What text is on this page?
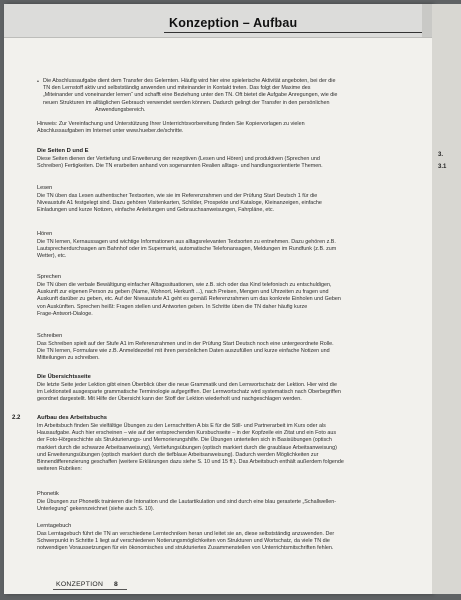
Konzeption – Aufbau
• Die Abschlussaufgabe dient dem Transfer des Gelernten. Häufig wird hier eine spielerische Aktivität angeboten, bei der die
TN den Lernstoff aktiv und selbstständig anwenden und miteinander in Kontakt treten. Das folgt der Maxime des
„Miteinander und voneinander lernen“ und schafft eine Beziehung unter den TN. Oft bietet die Aufgabe Anregungen, wie die
neuen Strukturen im alltäglichen Gebrauch verwendet werden können. Dadurch gelingt der Transfer in den persönlichen
Anwendungsbereich.
Hinweis: Zur Vereinfachung und Unterstützung Ihrer Unterrichtsvorbereitung finden Sie Kopiervorlagen zu vielen
Abschlussaufgaben im Internet unter www.hueber.de/schritte.
Die Seiten D und E
Diese Seiten dienen der Vertiefung und Erweiterung der rezeptiven (Lesen und Hören) und produktiven (Sprechen und
Schreiben) Fertigkeiten. Die TN erarbeiten anhand von sogenannten Realien alltags- und handlungsorientierte Themen.
Lesen
Die TN üben das Lesen authentischer Textsorten, wie sie im Referenzrahmen und der Prüfung Start Deutsch 1 für die
Niveaustufe A1 festgelegt sind. Dazu gehören Visitenkarten, Schilder, Prospekte und Kataloge, Kleinanzeigen, einfache
Einladungen und kurze Notizen, einfache Anleitungen und Gebrauchsanweisungen, Fahrpläne, etc.
Hören
Die TN lernen, Kernaussagen und wichtige Informationen aus alltagsrelevanten Textsorten zu entnehmen. Dazu gehören z.B.
Lautsprecherdurchsagen am Bahnhof oder im Supermarkt, automatische Telefonansagen, Meldungen im Rundfunk (z.B. zum
Wetter), etc.
Sprechen
Die TN üben die verbale Bewältigung einfacher Alltagssituationen, wie z.B. sich oder das Kind telefonisch zu entschuldigen,
Auskunft zur eigenen Person zu geben (Name, Wohnort, Herkunft ...), nach Preisen, Mengen und Uhrzeiten zu fragen und
Auskunft darüber zu geben, etc. Auf der Niveaustufe A1 geht es gemäß Referenzrahmen um das konkrete Einholen und Geben
von Auskünften. Sprechen heißt: Fragen stellen und Antworten geben. In Schritte üben die TN daher häufig kurze
Frage-Antwort-Dialoge.
Schreiben
Das Schreiben spielt auf der Stufe A1 im Referenzrahmen und in der Prüfung Start Deutsch noch eine untergeordnete Rolle.
Die TN lernen, Formulare wie z.B. Anmeldezettel mit ihren persönlichen Daten auszufüllen und kurze einfache Notizen und
Mitteilungen zu schreiben.
Die Übersichtsseite
Die letzte Seite jeder Lektion gibt einen Überblick über die neue Grammatik und den Lernwortschatz der Lektion. Hier wird die
im Lektionsteil ausgesparte grammatische Terminologie aufgegriffen. Der Lernwortschatz wird systematisch nach Oberbegriffen
geordnet dargestellt. Mit Hilfe der Übersicht kann der Stoff der Lektion wiederholt und nachgeschlagen werden.
2.2	Aufbau des Arbeitsbuchs
Im Arbeitsbuch finden Sie vielfältige Übungen zu den Lernschritten A bis E für die Still- und Partnerarbeit im Kurs oder als
Hausaufgabe. Auch hier erscheinen – wie auf der entsprechenden Kursbuchseite – in der Kopfzeile ein Zitat und ein Foto aus
der Foto-Hörgeschichte als Strukturierungs- und Memorierungshilfe. Die Übungen unterteilen sich in Basisübungen (optisch
markiert durch die schwarze Arbeitsanweisung), Vertiefungsübungen (optisch markiert durch die graublaue Arbeitsanweisung)
und Erweiterungsübungen (optisch markiert durch die tiefblaue Arbeitsanweisung). Dadurch werden Möglichkeiten zur
Binnendifferenzierung geschaffen (weitere Erklärungen dazu siehe S. 10 und 15 ff.). Das Arbeitsbuch enthält außerdem folgende
weiteren Rubriken:
Phonetik
Die Übungen zur Phonetik trainieren die Intonation und die Lautartikulation und sind durch eine blau gerasterte „Schallwellen-
Unterlegung“ gekennzeichnet (siehe auch S. 10).
Lerntagebuch
Das Lerntagebuch führt die TN an verschiedene Lerntechniken heran und leitet sie an, diese selbstständig anzuwenden. Der
Schwerpunkt in Schritte 1 liegt auf verschiedenen Notierungsmöglichkeiten von Strukturen und Wortschatz, da viele TN die
notwendigen Voraussetzungen für ein ökonomisches und strukturiertes Zusammenstellen von Unterrichtsmitschriften fehlen.
KONZEPTION 8
3.
3.1
